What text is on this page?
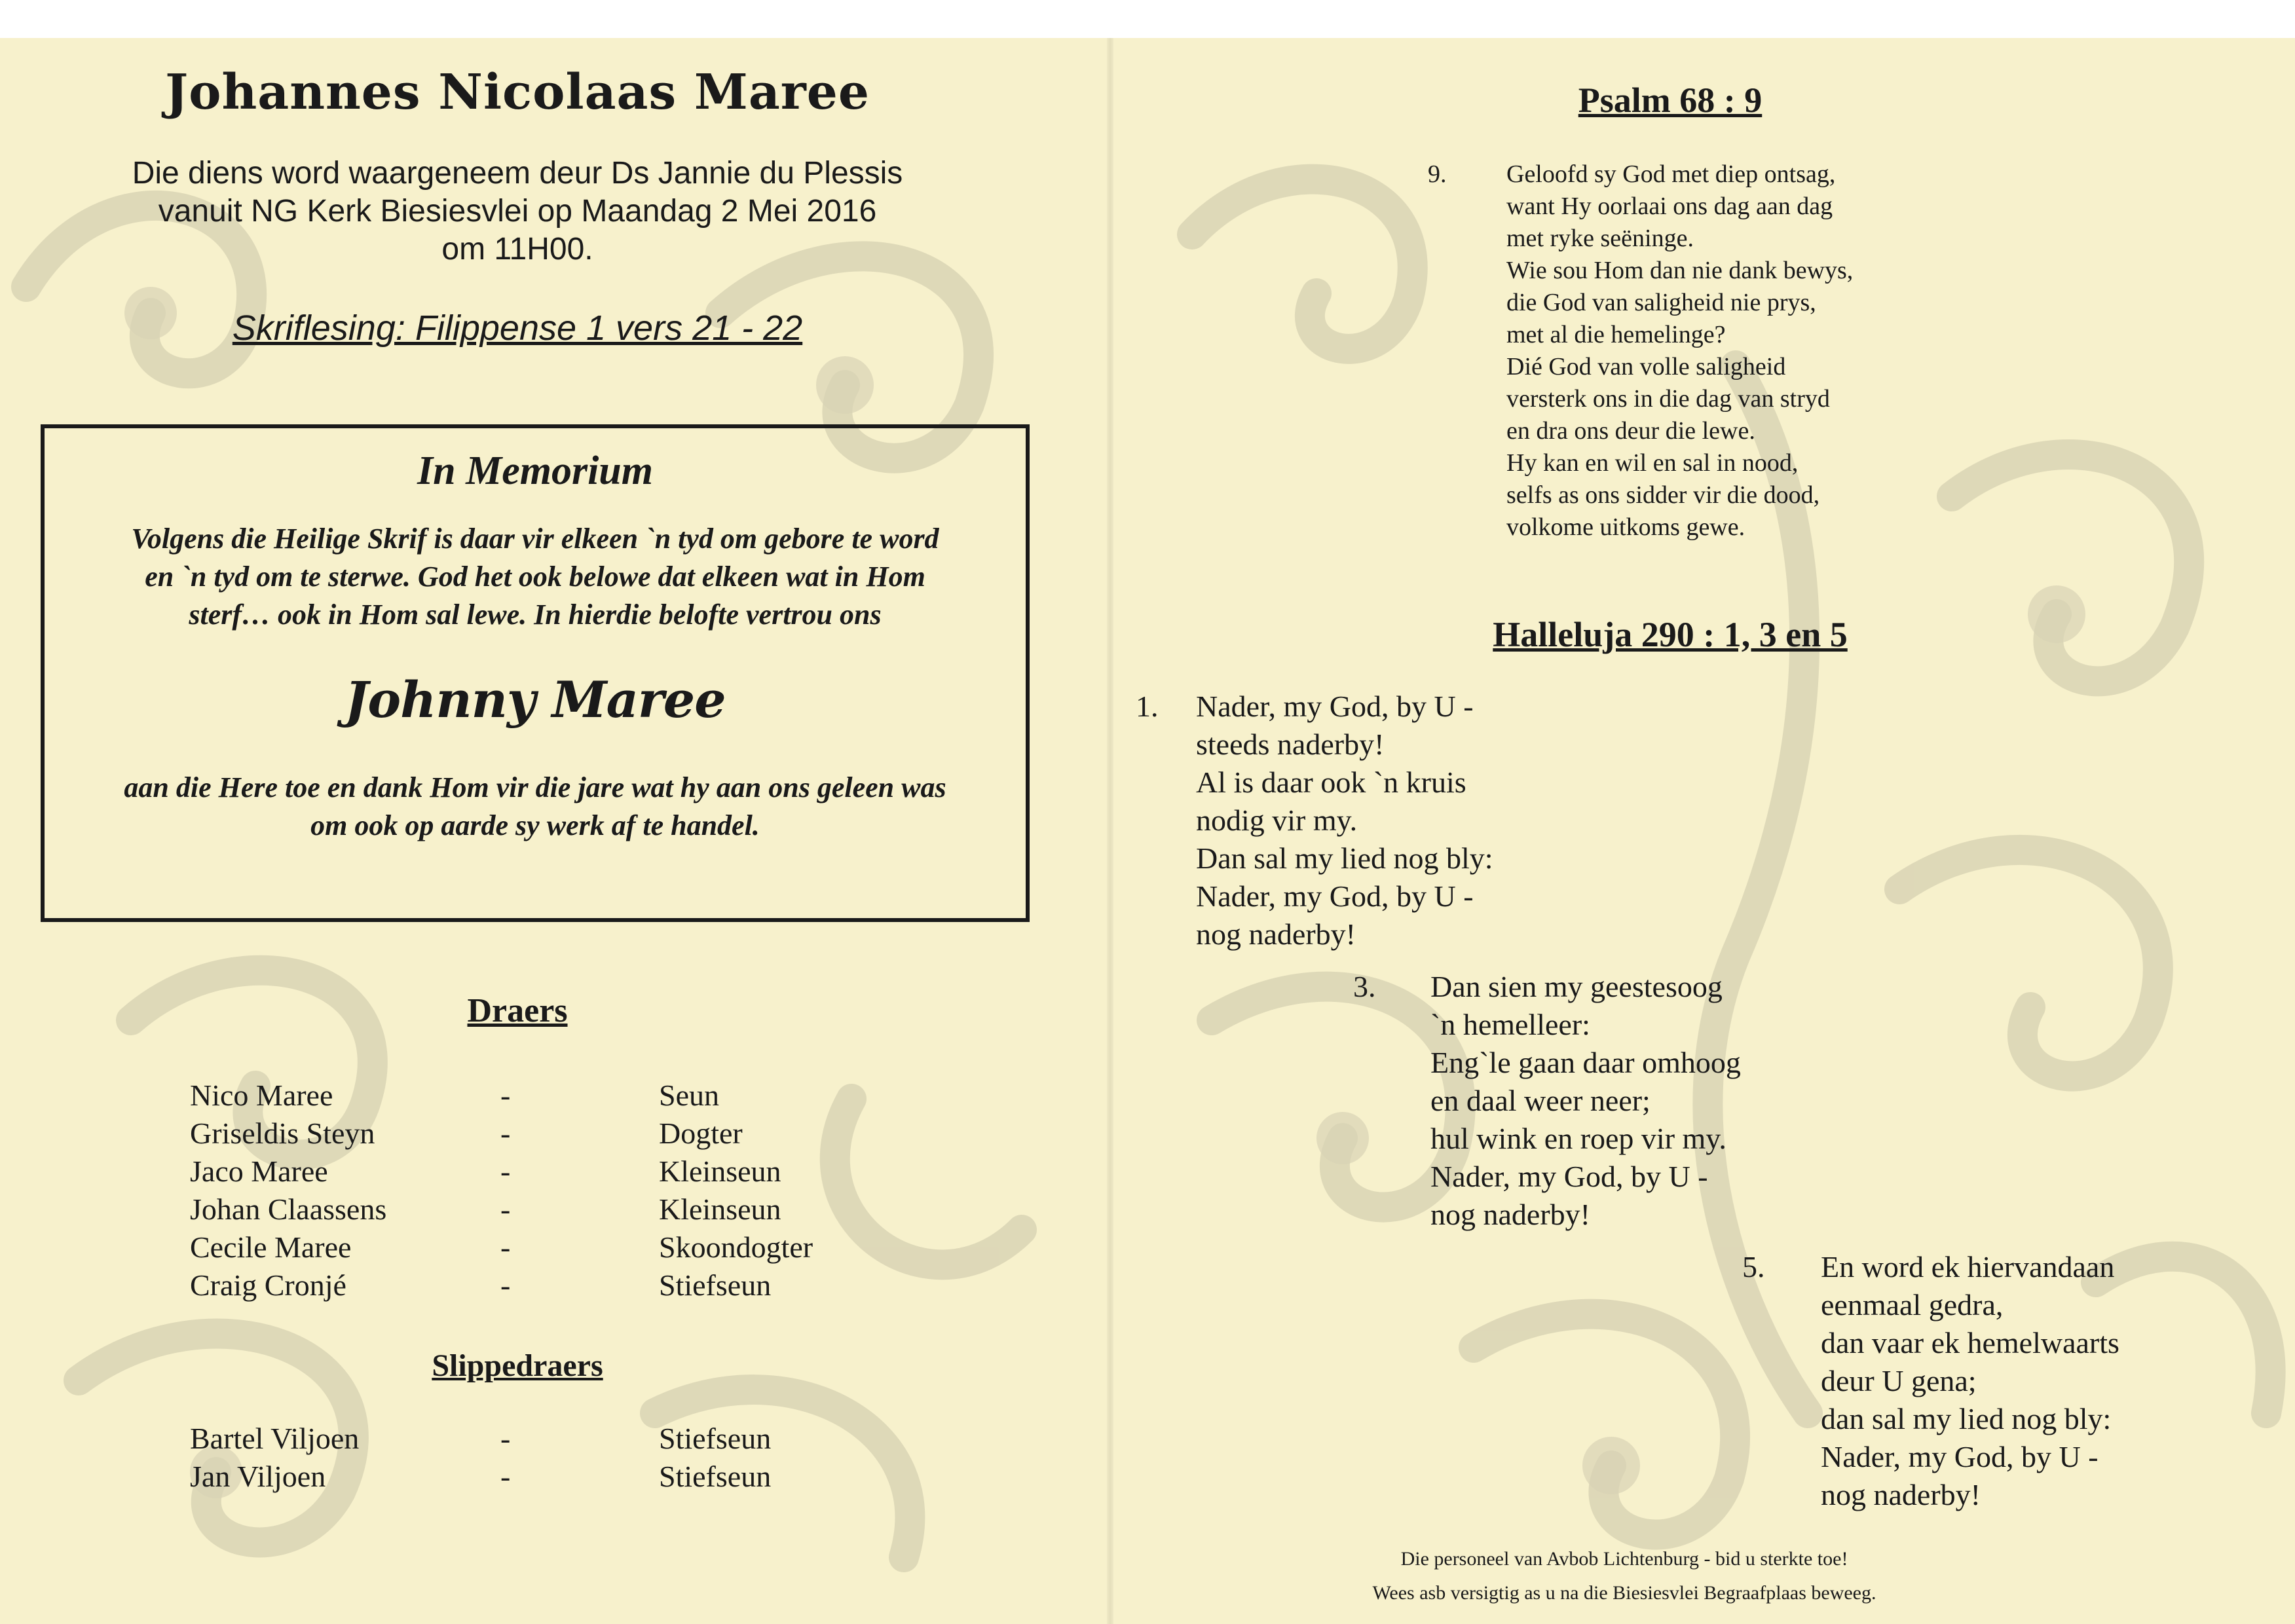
Johannes Nicolaas Maree
Die diens word waargeneem deur Ds Jannie du Plessis
vanuit NG Kerk Biesiesvlei op Maandag 2 Mei 2016
om 11H00.
Skriflesing: Filippense 1 vers 21 - 22
In Memorium
Volgens die Heilige Skrif is daar vir elkeen `n tyd om gebore te word
en `n tyd om te sterwe. God het ook belowe dat elkeen wat in Hom
sterf… ook in Hom sal lewe. In hierdie belofte vertrou ons
Johnny Maree
aan die Here toe en dank Hom vir die jare wat hy aan ons geleen was
om ook op aarde sy werk af te handel.
Draers
Nico Maree	-	Seun
Griseldis Steyn	-	Dogter
Jaco Maree	-	Kleinseun
Johan Claassens	-	Kleinseun
Cecile Maree	-	Skoondogter
Craig Cronjé	-	Stiefseun
Slippedraers
Bartel Viljoen	-	Stiefseun
Jan Viljoen	-	Stiefseun
Psalm 68 : 9
9. Geloofd sy God met diep ontsag,
want Hy oorlaai ons dag aan dag
met ryke seëninge.
Wie sou Hom dan nie dank bewys,
die God van saligheid nie prys,
met al die hemelinge?
Dié God van volle saligheid
versterk ons in die dag van stryd
en dra ons deur die lewe.
Hy kan en wil en sal in nood,
selfs as ons sidder vir die dood,
volkome uitkoms gewe.
Halleluja 290 : 1, 3 en 5
1. Nader, my God, by U -
steeds naderby!
Al is daar ook `n kruis
nodig vir my.
Dan sal my lied nog bly:
Nader, my God, by U -
nog naderby!
3. Dan sien my geestesoog
`n hemelleer:
Eng`le gaan daar omhoog
en daal weer neer;
hul wink en roep vir my.
Nader, my God, by U -
nog naderby!
5. En word ek hiervandaan
eenmaal gedra,
dan vaar ek hemelwaarts
deur U gena;
dan sal my lied nog bly:
Nader, my God, by U -
nog naderby!
Die personeel van Avbob Lichtenburg - bid u sterkte toe!
Wees asb versigtig as u na die Biesiesvlei Begraafplaas beweeg.
